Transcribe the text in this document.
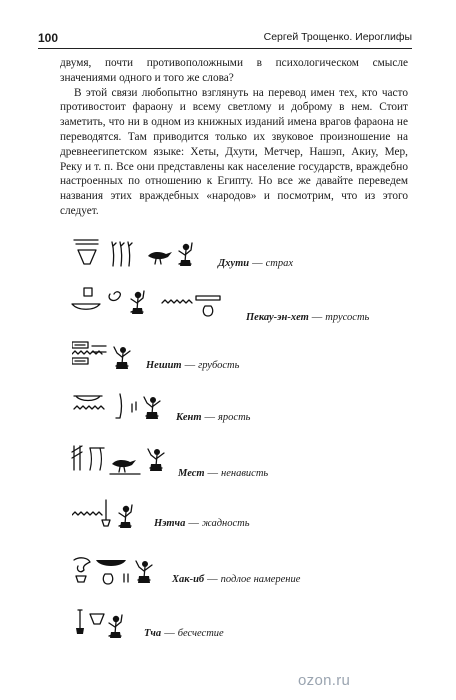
100	Сергей Трощенко. Иероглифы

двумя, почти противоположными в психологическом смысле значениями одного и того же слова?

В этой связи любопытно взглянуть на перевод имен тех, кто часто противостоит фараону и всему светлому и доброму в нем. Стоит заметить, что ни в одном из книжных изданий имена врагов фараона не переводятся. Там приводится только их звуковое произношение на древнеегипетском языке: Хеты, Дхути, Метчер, Нашэп, Акиу, Мер, Реку и т. п. Все они представлены как население государств, враждебно настроенных по отношению к Египту. Но все же давайте переведем названия этих враждебных «народов» и посмотрим, что из этого следует.

Дхути — страх
Пекау-эн-хет — трусость
Нешит — грубость
Кент — ярость
Мест — ненависть
Нэтча — жадность
Хак-иб — подлое намерение
Тча — бесчестие
ozon.ru
